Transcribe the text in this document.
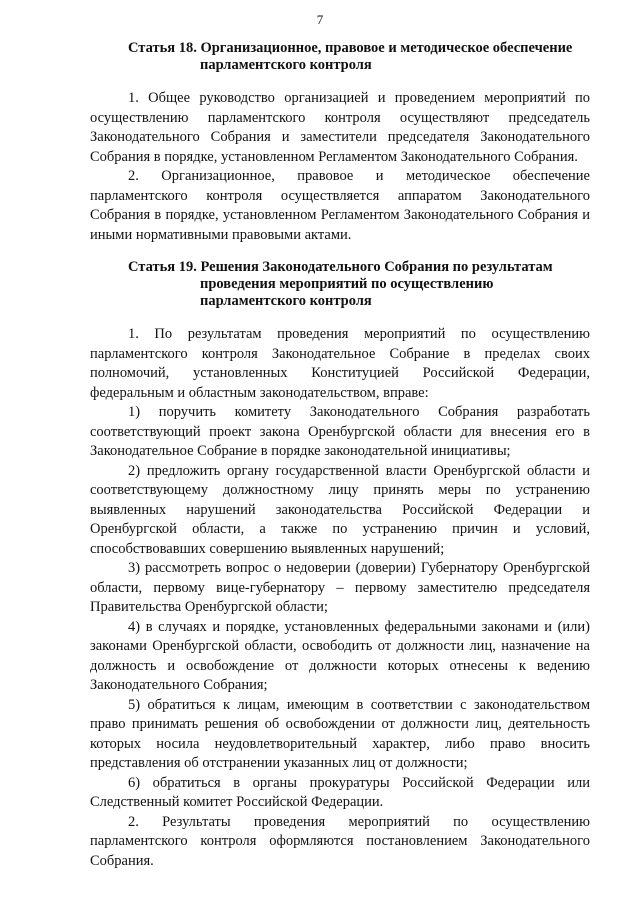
7
Статья 18. Организационное, правовое и методическое обеспечение
парламентского контроля

1. Общее руководство организацией и проведением мероприятий по осуществлению парламентского контроля осуществляют председатель Законодательного Собрания и заместители председателя Законодательного Собрания в порядке, установленном Регламентом Законодательного Собрания.

2. Организационное, правовое и методическое обеспечение парламентского контроля осуществляется аппаратом Законодательного Собрания в порядке, установленном Регламентом Законодательного Собрания и иными нормативными правовыми актами.

Статья 19. Решения Законодательного Собрания по результатам
проведения мероприятий по осуществлению
парламентского контроля

1. По результатам проведения мероприятий по осуществлению парламентского контроля Законодательное Собрание в пределах своих полномочий, установленных Конституцией Российской Федерации, федеральным и областным законодательством, вправе:

1) поручить комитету Законодательного Собрания разработать соответствующий проект закона Оренбургской области для внесения его в Законодательное Собрание в порядке законодательной инициативы;

2) предложить органу государственной власти Оренбургской области и соответствующему должностному лицу принять меры по устранению выявленных нарушений законодательства Российской Федерации и Оренбургской области, а также по устранению причин и условий, способствовавших совершению выявленных нарушений;

3) рассмотреть вопрос о недоверии (доверии) Губернатору Оренбургской области, первому вице-губернатору – первому заместителю председателя Правительства Оренбургской области;

4) в случаях и порядке, установленных федеральными законами и (или) законами Оренбургской области, освободить от должности лиц, назначение на должность и освобождение от должности которых отнесены к ведению Законодательного Собрания;

5) обратиться к лицам, имеющим в соответствии с законодательством право принимать решения об освобождении от должности лиц, деятельность которых носила неудовлетворительный характер, либо право вносить представления об отстранении указанных лиц от должности;

6) обратиться в органы прокуратуры Российской Федерации или Следственный комитет Российской Федерации.

2. Результаты проведения мероприятий по осуществлению парламентского контроля оформляются постановлением Законодательного Собрания.
